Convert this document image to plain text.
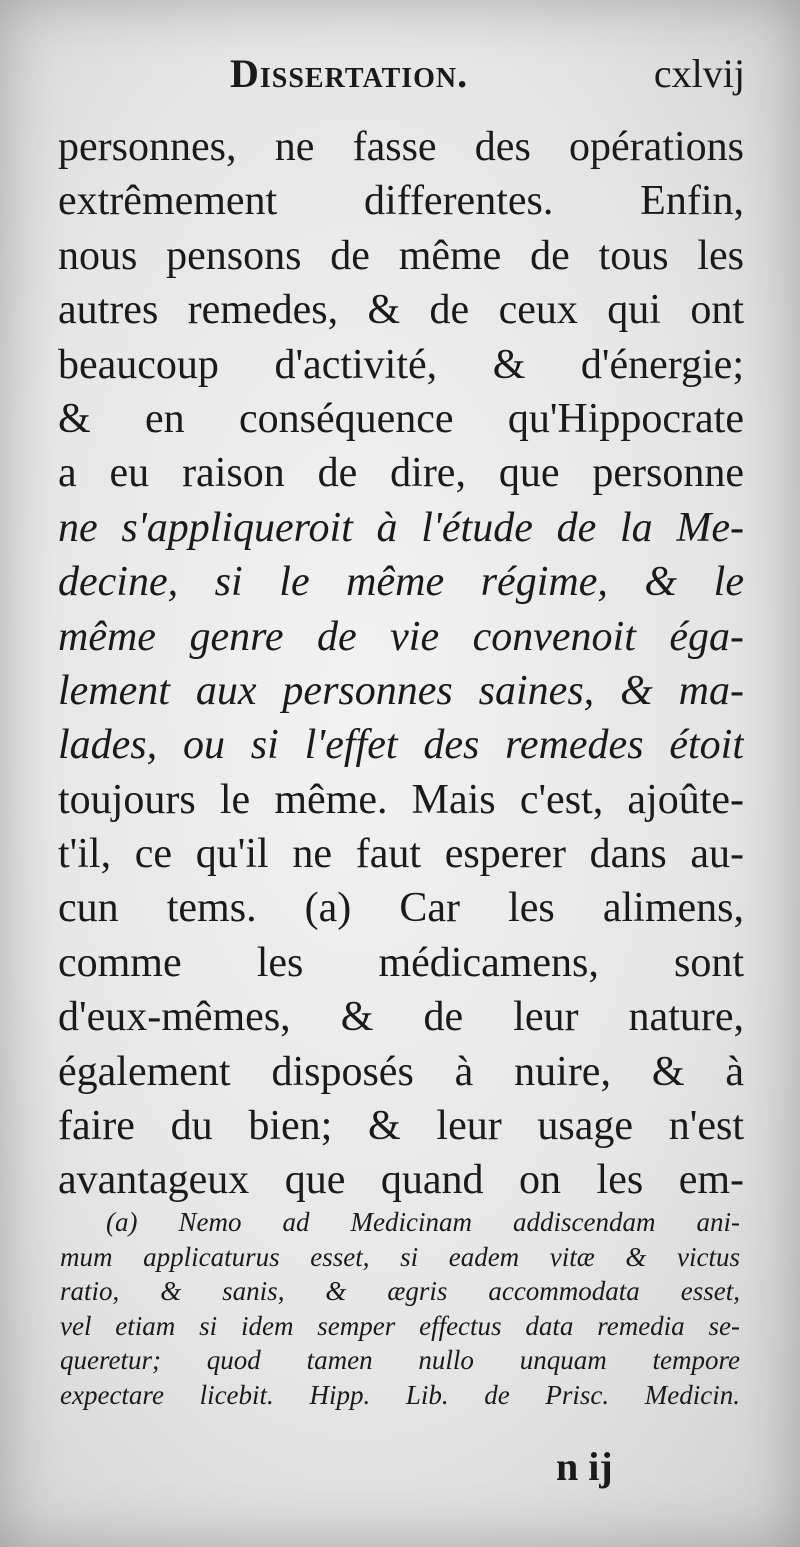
Dissertation.	cxlvij
personnes, ne fasse des opérations
extrêmement differentes. Enfin,
nous pensons de même de tous les
autres remedes, & de ceux qui ont
beaucoup d'activité, & d'énergie;
& en conséquence qu'Hippocrate
a eu raison de dire, que personne
ne s'appliqueroit à l'étude de la Me-
decine, si le même régime, & le
même genre de vie convenoit éga-
lement aux personnes saines, & ma-
lades, ou si l'effet des remedes étoit
toujours le même. Mais c'est, ajoûte-
t'il, ce qu'il ne faut esperer dans au-
cun tems. (a) Car les alimens,
comme les médicamens, sont
d'eux-mêmes, & de leur nature,
également disposés à nuire, & à
faire du bien; & leur usage n'est
avantageux que quand on les em-
(a) Nemo ad Medicinam addiscendam ani-
mum applicaturus esset, si eadem vitæ & victus
ratio, & sanis, & ægris accommodata esset,
vel etiam si idem semper effectus data remedia se-
queretur; quod tamen nullo unquam tempore
expectare licebit. Hipp. Lib. de Prisc. Medicin.
n ij
